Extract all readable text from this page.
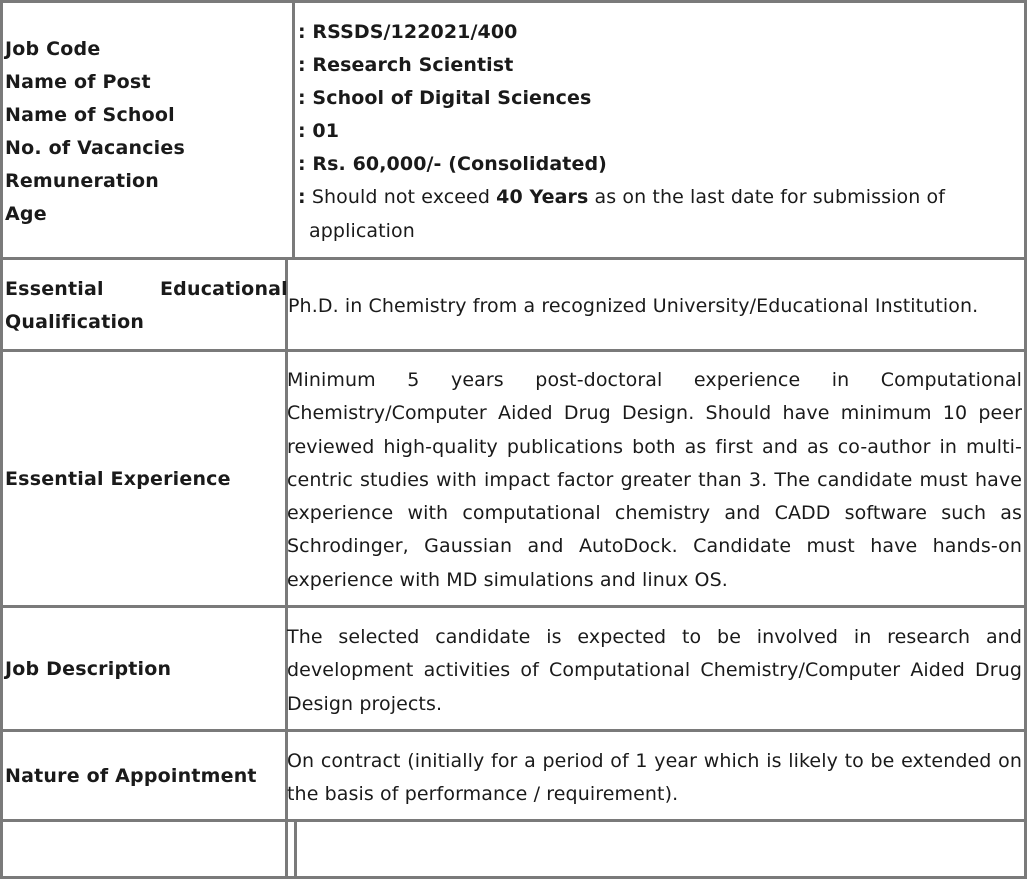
Job Code
Name of Post
Name of School
No. of Vacancies
Remuneration
Age
: RSSDS/122021/400
: Research Scientist
: School of Digital Sciences
: 01
: Rs. 60,000/- (Consolidated)
: Should not exceed 40 Years as on the last date for submission of
application
Essential	Educational
Qualification
Ph.D. in Chemistry from a recognized University/Educational Institution.
Essential Experience

Minimum 5 years post-doctoral experience in Computational Chemistry/Computer Aided Drug Design. Should have minimum 10 peer reviewed high-quality publications both as first and as co-author in multi-centric studies with impact factor greater than 3. The candidate must have experience with computational chemistry and CADD software such as Schrodinger, Gaussian and AutoDock. Candidate must have hands-on experience with MD simulations and linux OS.

Job Description

The selected candidate is expected to be involved in research and development activities of Computational Chemistry/Computer Aided Drug Design projects.

Nature of Appointment

On contract (initially for a period of 1 year which is likely to be extended on the basis of performance / requirement).
